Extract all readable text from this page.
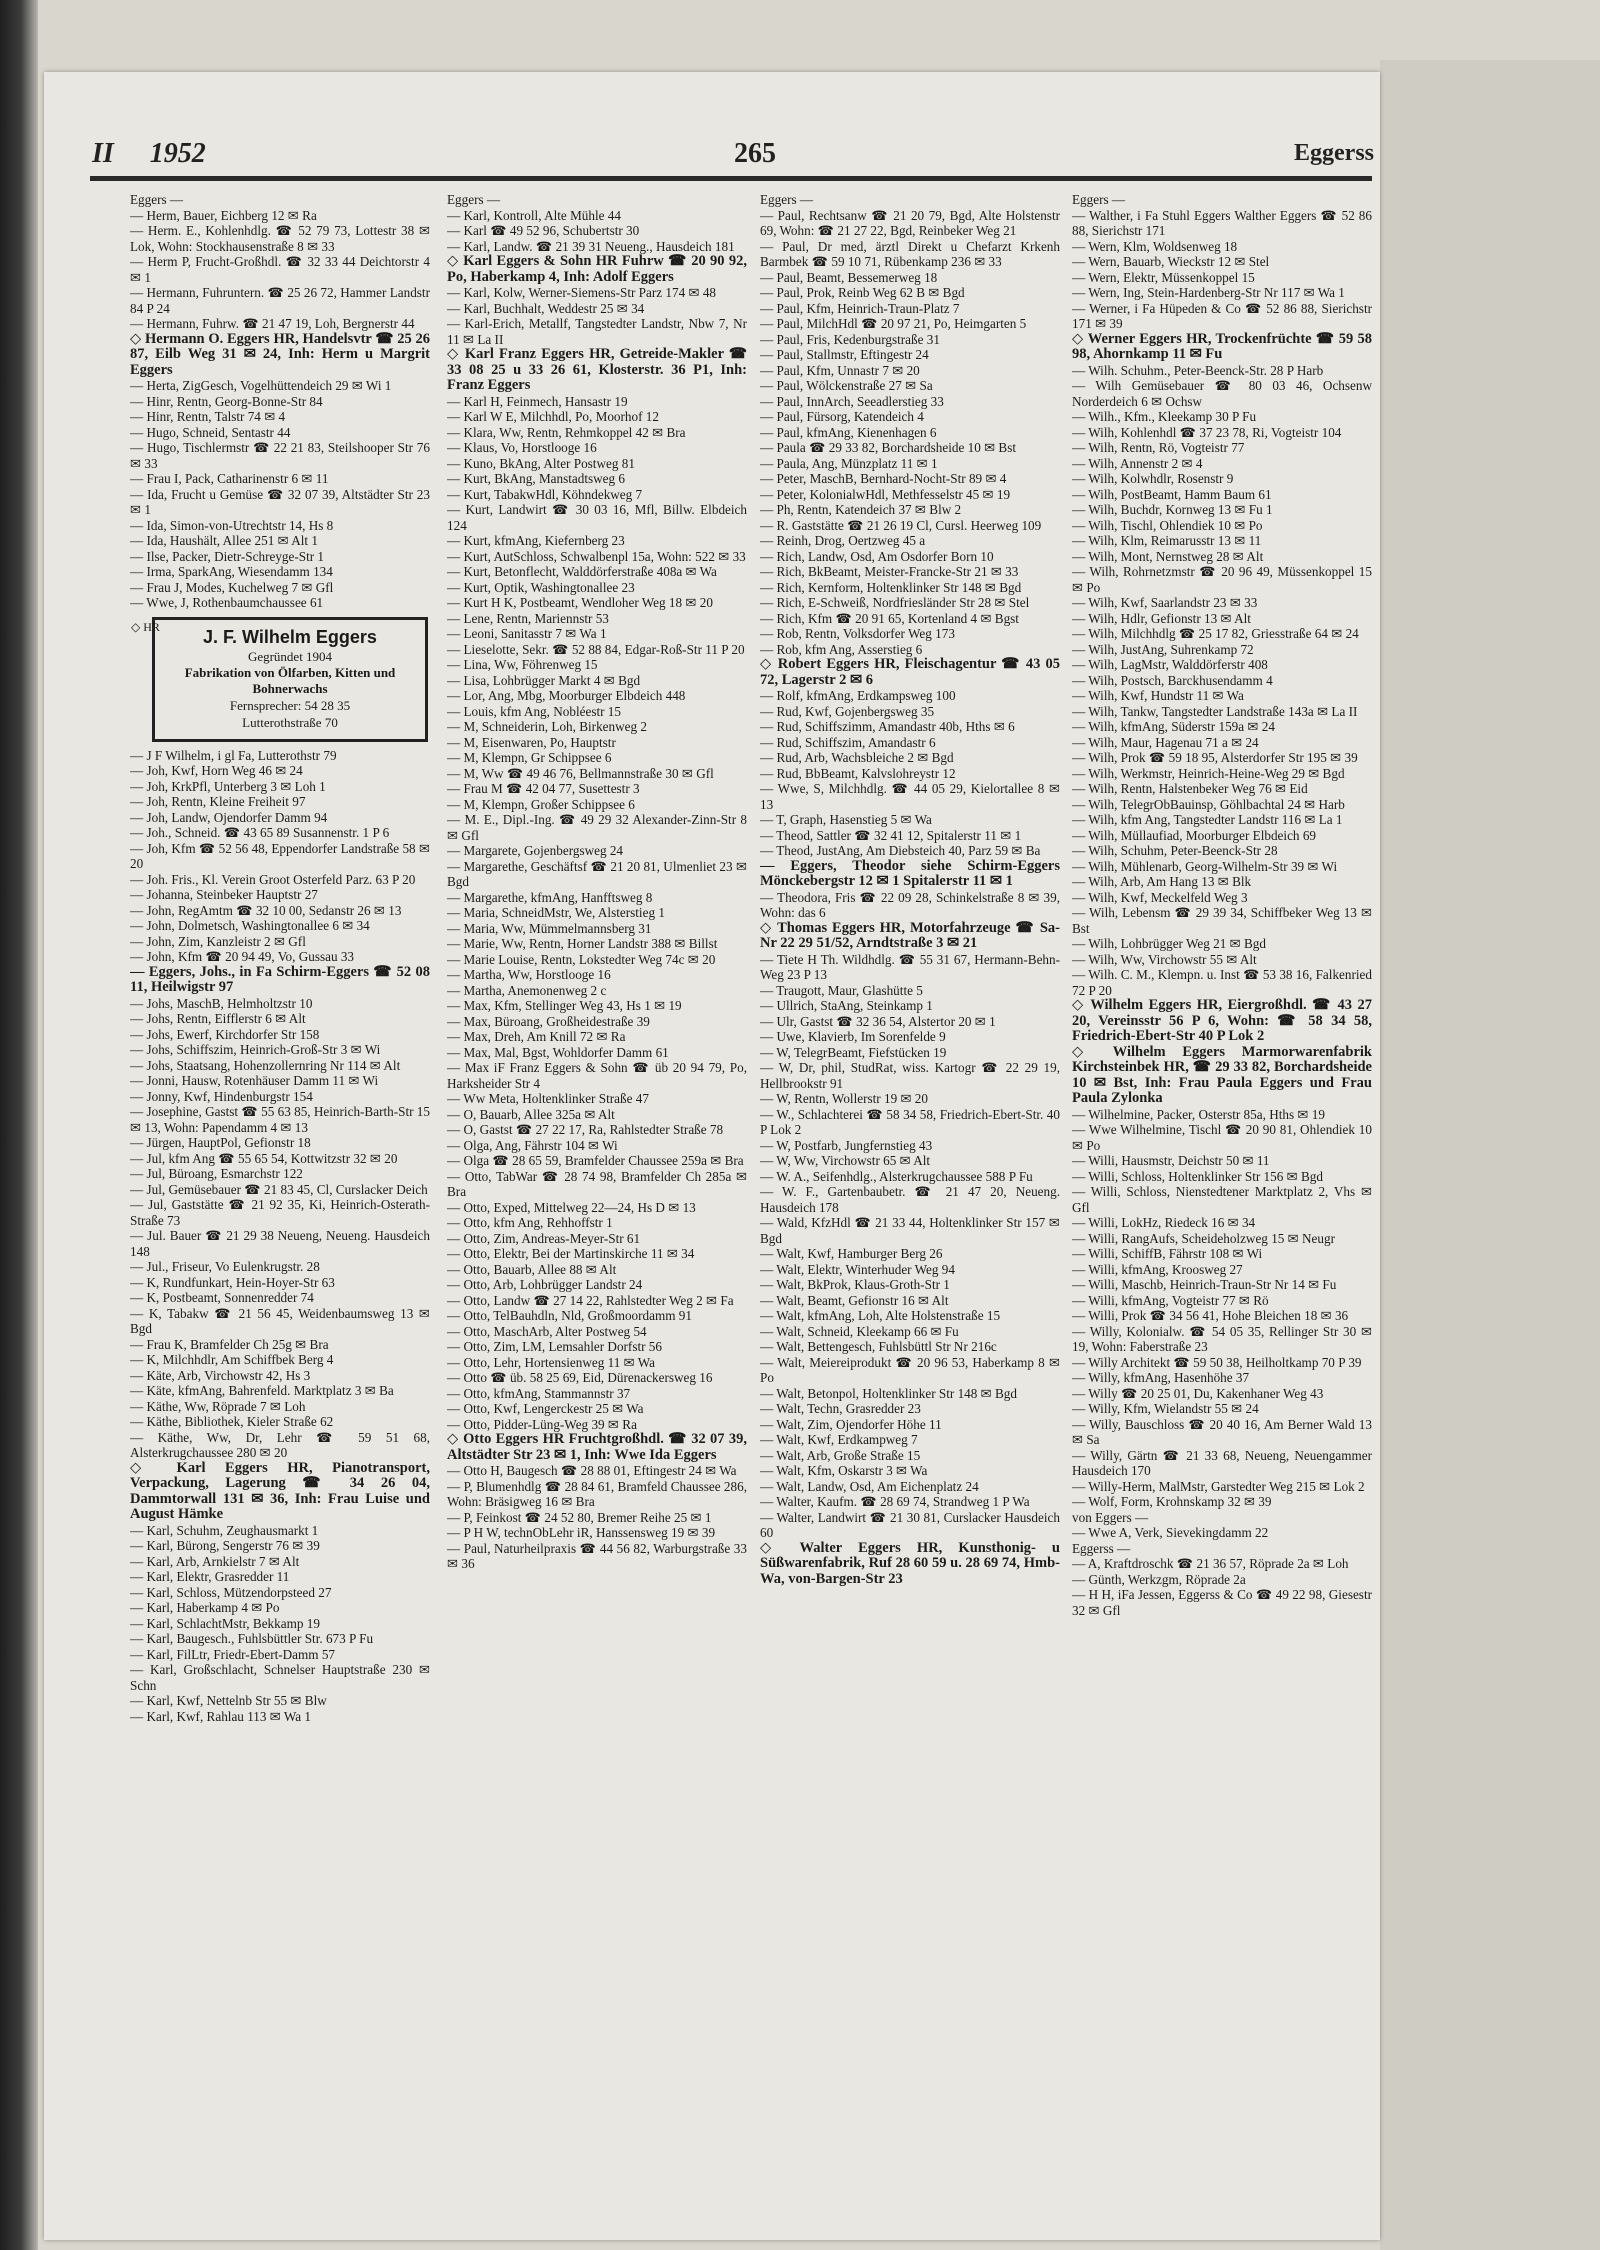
II 1952	265	Eggerss

Eggers —

— Herm, Bauer, Eichberg 12 ✉ Ra

— Herm. E., Kohlenhdlg. ☎ 52 79 73, Lottestr 38 ✉ Lok, Wohn: Stockhausenstraße 8 ✉ 33

— Herm P, Frucht-Großhdl. ☎ 32 33 44 Deichtorstr 4 ✉ 1

— Hermann, Fuhruntern. ☎ 25 26 72, Hammer Landstr 84 P 24

— Hermann, Fuhrw. ☎ 21 47 19, Loh, Bergnerstr 44

◇ Hermann O. Eggers HR, Handelsvtr ☎ 25 26 87, Eilb Weg 31 ✉ 24, Inh: Herm u Margrit Eggers

— Herta, ZigGesch, Vogelhüttendeich 29 ✉ Wi 1

— Hinr, Rentn, Georg-Bonne-Str 84

— Hinr, Rentn, Talstr 74 ✉ 4

— Hugo, Schneid, Sentastr 44

— Hugo, Tischlermstr ☎ 22 21 83, Steilshooper Str 76 ✉ 33

— Frau I, Pack, Catharinenstr 6 ✉ 11

— Ida, Frucht u Gemüse ☎ 32 07 39, Altstädter Str 23 ✉ 1

— Ida, Simon-von-Utrechtstr 14, Hs 8

— Ida, Haushält, Allee 251 ✉ Alt 1

— Ilse, Packer, Dietr-Schreyge-Str 1

— Irma, SparkAng, Wiesendamm 134

— Frau J, Modes, Kuchelweg 7 ✉ Gfl

— Wwe, J, Rothenbaumchaussee 61

◇ HR	J. F. Wilhelm Eggers
Gegründet 1904
Fabrikation von Ölfarben, Kitten und Bohnerwachs
Fernsprecher: 54 28 35
Lutterothstraße 70

— J F Wilhelm, i gl Fa, Lutterothstr 79

— Joh, Kwf, Horn Weg 46 ✉ 24

— Joh, KrkPfl, Unterberg 3 ✉ Loh 1

— Joh, Rentn, Kleine Freiheit 97

— Joh, Landw, Ojendorfer Damm 94

— Joh., Schneid. ☎ 43 65 89 Susannenstr. 1 P 6

— Joh, Kfm ☎ 52 56 48, Eppendorfer Landstraße 58 ✉ 20

— Joh. Fris., Kl. Verein Groot Osterfeld Parz. 63 P 20

— Johanna, Steinbeker Hauptstr 27

— John, RegAmtm ☎ 32 10 00, Sedanstr 26 ✉ 13

— John, Dolmetsch, Washingtonallee 6 ✉ 34

— John, Zim, Kanzleistr 2 ✉ Gfl

— John, Kfm ☎ 20 94 49, Vo, Gussau 33

— Eggers, Johs., in Fa Schirm-Eggers ☎ 52 08 11, Heilwigstr 97

— Johs, MaschB, Helmholtzstr 10

— Johs, Rentn, Eifflerstr 6 ✉ Alt

— Johs, Ewerf, Kirchdorfer Str 158

— Johs, Schiffszim, Heinrich-Groß-Str 3 ✉ Wi

— Johs, Staatsang, Hohenzollernring Nr 114 ✉ Alt

— Jonni, Hausw, Rotenhäuser Damm 11 ✉ Wi

— Jonny, Kwf, Hindenburgstr 154

— Josephine, Gastst ☎ 55 63 85, Heinrich-Barth-Str 15 ✉ 13, Wohn: Papendamm 4 ✉ 13

— Jürgen, HauptPol, Gefionstr 18

— Jul, kfm Ang ☎ 55 65 54, Kottwitzstr 32 ✉ 20

— Jul, Büroang, Esmarchstr 122

— Jul, Gemüsebauer ☎ 21 83 45, Cl, Curslacker Deich

— Jul, Gaststätte ☎ 21 92 35, Ki, Heinrich-Osterath-Straße 73

— Jul. Bauer ☎ 21 29 38 Neueng, Neueng. Hausdeich 148

— Jul., Friseur, Vo Eulenkrugstr. 28

— K, Rundfunkart, Hein-Hoyer-Str 63

— K, Postbeamt, Sonnenredder 74

— K, Tabakw ☎ 21 56 45, Weidenbaumsweg 13 ✉ Bgd

— Frau K, Bramfelder Ch 25g ✉ Bra

— K, Milchhdlr, Am Schiffbek Berg 4

— Käte, Arb, Virchowstr 42, Hs 3

— Käte, kfmAng, Bahrenfeld. Marktplatz 3 ✉ Ba

— Käthe, Ww, Röprade 7 ✉ Loh

— Käthe, Bibliothek, Kieler Straße 62

— Käthe, Ww, Dr, Lehr ☎ 59 51 68, Alsterkrugchaussee 280 ✉ 20

◇ Karl Eggers HR, Pianotransport, Verpackung, Lagerung ☎ 34 26 04, Dammtorwall 131 ✉ 36, Inh: Frau Luise und August Hämke

— Karl, Schuhm, Zeughausmarkt 1

— Karl, Bürong, Sengerstr 76 ✉ 39

— Karl, Arb, Arnkielstr 7 ✉ Alt

— Karl, Elektr, Grasredder 11

— Karl, Schloss, Mützendorpsteed 27

— Karl, Haberkamp 4 ✉ Po

— Karl, SchlachtMstr, Bekkamp 19

— Karl, Baugesch., Fuhlsbüttler Str. 673 P Fu

— Karl, FilLtr, Friedr-Ebert-Damm 57

— Karl, Großschlacht, Schnelser Hauptstraße 230 ✉ Schn

— Karl, Kwf, Nettelnb Str 55 ✉ Blw

— Karl, Kwf, Rahlau 113 ✉ Wa 1

Eggers —

— Karl, Kontroll, Alte Mühle 44

— Karl ☎ 49 52 96, Schubertstr 30

— Karl, Landw. ☎ 21 39 31 Neueng., Hausdeich 181

◇ Karl Eggers & Sohn HR Fuhrw ☎ 20 90 92, Po, Haberkamp 4, Inh: Adolf Eggers

— Karl, Kolw, Werner-Siemens-Str Parz 174 ✉ 48

— Karl, Buchhalt, Weddestr 25 ✉ 34

— Karl-Erich, Metallf, Tangstedter Landstr, Nbw 7, Nr 11 ✉ La II

◇ Karl Franz Eggers HR, Getreide-Makler ☎ 33 08 25 u 33 26 61, Klosterstr. 36 P1, Inh: Franz Eggers

— Karl H, Feinmech, Hansastr 19

— Karl W E, Milchhdl, Po, Moorhof 12

— Klara, Ww, Rentn, Rehmkoppel 42 ✉ Bra

— Klaus, Vo, Horstlooge 16

— Kuno, BkAng, Alter Postweg 81

— Kurt, BkAng, Manstadtsweg 6

— Kurt, TabakwHdl, Köhndekweg 7

— Kurt, Landwirt ☎ 30 03 16, Mfl, Billw. Elbdeich 124

— Kurt, kfmAng, Kiefernberg 23

— Kurt, AutSchloss, Schwalbenpl 15a, Wohn: 522 ✉ 33

— Kurt, Betonflecht, Walddörferstraße 408a ✉ Wa

— Kurt, Optik, Washingtonallee 23

— Kurt H K, Postbeamt, Wendloher Weg 18 ✉ 20

— Lene, Rentn, Mariennstr 53

— Leoni, Sanitasstr 7 ✉ Wa 1

— Lieselotte, Sekr. ☎ 52 88 84, Edgar-Roß-Str 11 P 20

— Lina, Ww, Föhrenweg 15

— Lisa, Lohbrügger Markt 4 ✉ Bgd

— Lor, Ang, Mbg, Moorburger Elbdeich 448

— Louis, kfm Ang, Nobléestr 15

— M, Schneiderin, Loh, Birkenweg 2

— M, Eisenwaren, Po, Hauptstr

— M, Klempn, Gr Schippsee 6

— M, Ww ☎ 49 46 76, Bellmannstraße 30 ✉ Gfl

— Frau M ☎ 42 04 77, Susettestr 3

— M, Klempn, Großer Schippsee 6

— M. E., Dipl.-Ing. ☎ 49 29 32 Alexander-Zinn-Str 8 ✉ Gfl

— Margarete, Gojenbergsweg 24

— Margarethe, Geschäftsf ☎ 21 20 81, Ulmenliet 23 ✉ Bgd

— Margarethe, kfmAng, Hanfftsweg 8

— Maria, SchneidMstr, We, Alsterstieg 1

— Maria, Ww, Mümmelmannsberg 31

— Marie, Ww, Rentn, Horner Landstr 388 ✉ Billst

— Marie Louise, Rentn, Lokstedter Weg 74c ✉ 20

— Martha, Ww, Horstlooge 16

— Martha, Anemonenweg 2 c

— Max, Kfm, Stellinger Weg 43, Hs 1 ✉ 19

— Max, Büroang, Großheidestraße 39

— Max, Dreh, Am Knill 72 ✉ Ra

— Max, Mal, Bgst, Wohldorfer Damm 61

— Max iF Franz Eggers & Sohn ☎ üb 20 94 79, Po, Harksheider Str 4

— Ww Meta, Holtenklinker Straße 47

— O, Bauarb, Allee 325a ✉ Alt

— O, Gastst ☎ 27 22 17, Ra, Rahlstedter Straße 78

— Olga, Ang, Fährstr 104 ✉ Wi

— Olga ☎ 28 65 59, Bramfelder Chaussee 259a ✉ Bra

— Otto, TabWar ☎ 28 74 98, Bramfelder Ch 285a ✉ Bra

— Otto, Exped, Mittelweg 22—24, Hs D ✉ 13

— Otto, kfm Ang, Rehhoffstr 1

— Otto, Zim, Andreas-Meyer-Str 61

— Otto, Elektr, Bei der Martinskirche 11 ✉ 34

— Otto, Bauarb, Allee 88 ✉ Alt

— Otto, Arb, Lohbrügger Landstr 24

— Otto, Landw ☎ 27 14 22, Rahlstedter Weg 2 ✉ Fa

— Otto, TelBauhdln, Nld, Großmoordamm 91

— Otto, MaschArb, Alter Postweg 54

— Otto, Zim, LM, Lemsahler Dorfstr 56

— Otto, Lehr, Hortensienweg 11 ✉ Wa

— Otto ☎ üb. 58 25 69, Eid, Dürenackersweg 16

— Otto, kfmAng, Stammannstr 37

— Otto, Kwf, Lengerckestr 25 ✉ Wa

— Otto, Pidder-Lüng-Weg 39 ✉ Ra

◇ Otto Eggers HR Fruchtgroßhdl. ☎ 32 07 39, Altstädter Str 23 ✉ 1, Inh: Wwe Ida Eggers

— Otto H, Baugesch ☎ 28 88 01, Eftingestr 24 ✉ Wa

— P, Blumenhdlg ☎ 28 84 61, Bramfeld Chaussee 286, Wohn: Bräsigweg 16 ✉ Bra

— P, Feinkost ☎ 24 52 80, Bremer Reihe 25 ✉ 1

— P H W, technObLehr iR, Hanssensweg 19 ✉ 39

— Paul, Naturheilpraxis ☎ 44 56 82, Warburgstraße 33 ✉ 36

Eggers —

— Paul, Rechtsanw ☎ 21 20 79, Bgd, Alte Holstenstr 69, Wohn: ☎ 21 27 22, Bgd, Reinbeker Weg 21

— Paul, Dr med, ärztl Direkt u Chefarzt Krkenh Barmbek ☎ 59 10 71, Rübenkamp 236 ✉ 33

— Paul, Beamt, Bessemerweg 18

— Paul, Prok, Reinb Weg 62 B ✉ Bgd

— Paul, Kfm, Heinrich-Traun-Platz 7

— Paul, MilchHdl ☎ 20 97 21, Po, Heimgarten 5

— Paul, Fris, Kedenburgstraße 31

— Paul, Stallmstr, Eftingestr 24

— Paul, Kfm, Unnastr 7 ✉ 20

— Paul, Wölckenstraße 27 ✉ Sa

— Paul, InnArch, Seeadlerstieg 33

— Paul, Fürsorg, Katendeich 4

— Paul, kfmAng, Kienenhagen 6

— Paula ☎ 29 33 82, Borchardsheide 10 ✉ Bst

— Paula, Ang, Münzplatz 11 ✉ 1

— Peter, MaschB, Bernhard-Nocht-Str 89 ✉ 4

— Peter, KolonialwHdl, Methfesselstr 45 ✉ 19

— Ph, Rentn, Katendeich 37 ✉ Blw 2

— R. Gaststätte ☎ 21 26 19 Cl, Cursl. Heerweg 109

— Reinh, Drog, Oertzweg 45 a

— Rich, Landw, Osd, Am Osdorfer Born 10

— Rich, BkBeamt, Meister-Francke-Str 21 ✉ 33

— Rich, Kernform, Holtenklinker Str 148 ✉ Bgd

— Rich, E-Schweiß, Nordfriesländer Str 28 ✉ Stel

— Rich, Kfm ☎ 20 91 65, Kortenland 4 ✉ Bgst

— Rob, Rentn, Volksdorfer Weg 173

— Rob, kfm Ang, Asserstieg 6

◇ Robert Eggers HR, Fleischagentur ☎ 43 05 72, Lagerstr 2 ✉ 6

— Rolf, kfmAng, Erdkampsweg 100

— Rud, Kwf, Gojenbergsweg 35

— Rud, Schiffszimm, Amandastr 40b, Hths ✉ 6

— Rud, Schiffszim, Amandastr 6

— Rud, Arb, Wachsbleiche 2 ✉ Bgd

— Rud, BbBeamt, Kalvslohreystr 12

— Wwe, S, Milchhdlg. ☎ 44 05 29, Kielortallee 8 ✉ 13

— T, Graph, Hasenstieg 5 ✉ Wa

— Theod, Sattler ☎ 32 41 12, Spitalerstr 11 ✉ 1

— Theod, JustAng, Am Diebsteich 40, Parz 59 ✉ Ba

— Eggers, Theodor siehe Schirm-Eggers Mönckebergstr 12 ✉ 1 Spitalerstr 11 ✉ 1

— Theodora, Fris ☎ 22 09 28, Schinkelstraße 8 ✉ 39, Wohn: das 6

◇ Thomas Eggers HR, Motorfahrzeuge ☎ Sa-Nr 22 29 51/52, Arndtstraße 3 ✉ 21

— Tiete H Th. Wildhdlg. ☎ 55 31 67, Hermann-Behn-Weg 23 P 13

— Traugott, Maur, Glashütte 5

— Ullrich, StaAng, Steinkamp 1

— Ulr, Gastst ☎ 32 36 54, Alstertor 20 ✉ 1

— Uwe, Klavierb, Im Sorenfelde 9

— W, TelegrBeamt, Fiefstücken 19

— W, Dr, phil, StudRat, wiss. Kartogr ☎ 22 29 19, Hellbrookstr 91

— W, Rentn, Wollerstr 19 ✉ 20

— W., Schlachterei ☎ 58 34 58, Friedrich-Ebert-Str. 40 P Lok 2

— W, Postfarb, Jungfernstieg 43

— W, Ww, Virchowstr 65 ✉ Alt

— W. A., Seifenhdlg., Alsterkrugchaussee 588 P Fu

— W. F., Gartenbaubetr. ☎ 21 47 20, Neueng. Hausdeich 178

— Wald, KfzHdl ☎ 21 33 44, Holtenklinker Str 157 ✉ Bgd

— Walt, Kwf, Hamburger Berg 26

— Walt, Elektr, Winterhuder Weg 94

— Walt, BkProk, Klaus-Groth-Str 1

— Walt, Beamt, Gefionstr 16 ✉ Alt

— Walt, kfmAng, Loh, Alte Holstenstraße 15

— Walt, Schneid, Kleekamp 66 ✉ Fu

— Walt, Bettengesch, Fuhlsbüttl Str Nr 216c

— Walt, Meiereiprodukt ☎ 20 96 53, Haberkamp 8 ✉ Po

— Walt, Betonpol, Holtenklinker Str 148 ✉ Bgd

— Walt, Techn, Grasredder 23

— Walt, Zim, Ojendorfer Höhe 11

— Walt, Kwf, Erdkampweg 7

— Walt, Arb, Große Straße 15

— Walt, Kfm, Oskarstr 3 ✉ Wa

— Walt, Landw, Osd, Am Eichenplatz 24

— Walter, Kaufm. ☎ 28 69 74, Strandweg 1 P Wa

— Walter, Landwirt ☎ 21 30 81, Curslacker Hausdeich 60

◇ Walter Eggers HR, Kunsthonig- u Süßwarenfabrik, Ruf 28 60 59 u. 28 69 74, Hmb-Wa, von-Bargen-Str 23

Eggers —

— Walther, i Fa Stuhl Eggers Walther Eggers ☎ 52 86 88, Sierichstr 171

— Wern, Klm, Woldsenweg 18

— Wern, Bauarb, Wieckstr 12 ✉ Stel

— Wern, Elektr, Müssenkoppel 15

— Wern, Ing, Stein-Hardenberg-Str Nr 117 ✉ Wa 1

— Werner, i Fa Hüpeden & Co ☎ 52 86 88, Sierichstr 171 ✉ 39

◇ Werner Eggers HR, Trockenfrüchte ☎ 59 58 98, Ahornkamp 11 ✉ Fu

— Wilh. Schuhm., Peter-Beenck-Str. 28 P Harb

— Wilh Gemüsebauer ☎ 80 03 46, Ochsenw Norderdeich 6 ✉ Ochsw

— Wilh., Kfm., Kleekamp 30 P Fu

— Wilh, Kohlenhdl ☎ 37 23 78, Ri, Vogteistr 104

— Wilh, Rentn, Rö, Vogteistr 77

— Wilh, Annenstr 2 ✉ 4

— Wilh, Kolwhdlr, Rosenstr 9

— Wilh, PostBeamt, Hamm Baum 61

— Wilh, Buchdr, Kornweg 13 ✉ Fu 1

— Wilh, Tischl, Ohlendiek 10 ✉ Po

— Wilh, Klm, Reimarusstr 13 ✉ 11

— Wilh, Mont, Nernstweg 28 ✉ Alt

— Wilh, Rohrnetzmstr ☎ 20 96 49, Müssenkoppel 15 ✉ Po

— Wilh, Kwf, Saarlandstr 23 ✉ 33

— Wilh, Hdlr, Gefionstr 13 ✉ Alt

— Wilh, Milchhdlg ☎ 25 17 82, Griesstraße 64 ✉ 24

— Wilh, JustAng, Suhrenkamp 72

— Wilh, LagMstr, Walddörferstr 408

— Wilh, Postsch, Barckhusendamm 4

— Wilh, Kwf, Hundstr 11 ✉ Wa

— Wilh, Tankw, Tangstedter Landstraße 143a ✉ La II

— Wilh, kfmAng, Süderstr 159a ✉ 24

— Wilh, Maur, Hagenau 71 a ✉ 24

— Wilh, Prok ☎ 59 18 95, Alsterdorfer Str 195 ✉ 39

— Wilh, Werkmstr, Heinrich-Heine-Weg 29 ✉ Bgd

— Wilh, Rentn, Halstenbeker Weg 76 ✉ Eid

— Wilh, TelegrObBauinsp, Göhlbachtal 24 ✉ Harb

— Wilh, kfm Ang, Tangstedter Landstr 116 ✉ La 1

— Wilh, Müllaufiad, Moorburger Elbdeich 69

— Wilh, Schuhm, Peter-Beenck-Str 28

— Wilh, Mühlenarb, Georg-Wilhelm-Str 39 ✉ Wi

— Wilh, Arb, Am Hang 13 ✉ Blk

— Wilh, Kwf, Meckelfeld Weg 3

— Wilh, Lebensm ☎ 29 39 34, Schiffbeker Weg 13 ✉ Bst

— Wilh, Lohbrügger Weg 21 ✉ Bgd

— Wilh, Ww, Virchowstr 55 ✉ Alt

— Wilh. C. M., Klempn. u. Inst ☎ 53 38 16, Falkenried 72 P 20

◇ Wilhelm Eggers HR, Eiergroßhdl. ☎ 43 27 20, Vereinsstr 56 P 6, Wohn: ☎ 58 34 58, Friedrich-Ebert-Str 40 P Lok 2

◇ Wilhelm Eggers Marmorwarenfabrik Kirchsteinbek HR, ☎ 29 33 82, Borchardsheide 10 ✉ Bst, Inh: Frau Paula Eggers und Frau Paula Zylonka

— Wilhelmine, Packer, Osterstr 85a, Hths ✉ 19

— Wwe Wilhelmine, Tischl ☎ 20 90 81, Ohlendiek 10 ✉ Po

— Willi, Hausmstr, Deichstr 50 ✉ 11

— Willi, Schloss, Holtenklinker Str 156 ✉ Bgd

— Willi, Schloss, Nienstedtener Marktplatz 2, Vhs ✉ Gfl

— Willi, LokHz, Riedeck 16 ✉ 34

— Willi, RangAufs, Scheideholzweg 15 ✉ Neugr

— Willi, SchiffB, Fährstr 108 ✉ Wi

— Willi, kfmAng, Kroosweg 27

— Willi, Maschb, Heinrich-Traun-Str Nr 14 ✉ Fu

— Willi, kfmAng, Vogteistr 77 ✉ Rö

— Willi, Prok ☎ 34 56 41, Hohe Bleichen 18 ✉ 36

— Willy, Kolonialw. ☎ 54 05 35, Rellinger Str 30 ✉ 19, Wohn: Faberstraße 23

— Willy Architekt ☎ 59 50 38, Heilholtkamp 70 P 39

— Willy, kfmAng, Hasenhöhe 37

— Willy ☎ 20 25 01, Du, Kakenhaner Weg 43

— Willy, Kfm, Wielandstr 55 ✉ 24

— Willy, Bauschloss ☎ 20 40 16, Am Berner Wald 13 ✉ Sa

— Willy, Gärtn ☎ 21 33 68, Neueng, Neuengammer Hausdeich 170

— Willy-Herm, MalMstr, Garstedter Weg 215 ✉ Lok 2

— Wolf, Form, Krohnskamp 32 ✉ 39

von Eggers —

— Wwe A, Verk, Sievekingdamm 22

Eggerss —

— A, Kraftdroschk ☎ 21 36 57, Röprade 2a ✉ Loh

— Günth, Werkzgm, Röprade 2a

— H H, iFa Jessen, Eggerss & Co ☎ 49 22 98, Giesestr 32 ✉ Gfl
